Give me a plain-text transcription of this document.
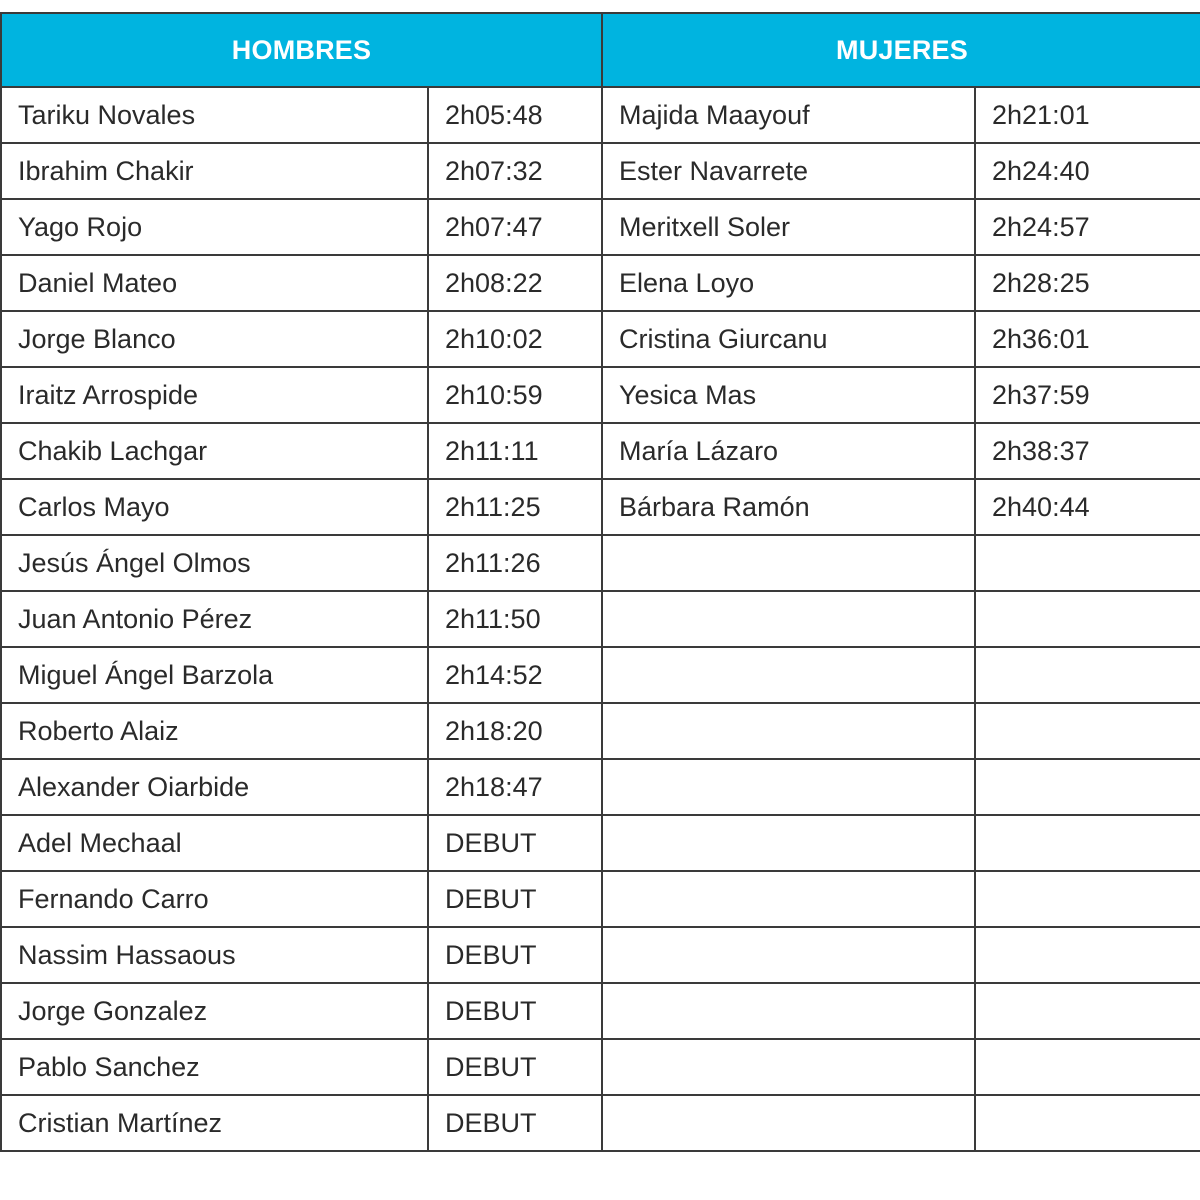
HOMBRES		MUJERES	
Tariku Novales	2h05:48	Majida Maayouf	2h21:01
Ibrahim Chakir	2h07:32	Ester Navarrete	2h24:40
Yago Rojo	2h07:47	Meritxell Soler	2h24:57
Daniel Mateo	2h08:22	Elena Loyo	2h28:25
Jorge Blanco	2h10:02	Cristina Giurcanu	2h36:01
Iraitz Arrospide	2h10:59	Yesica Mas	2h37:59
Chakib Lachgar	2h11:11	María Lázaro	2h38:37
Carlos Mayo	2h11:25	Bárbara Ramón	2h40:44
Jesús Ángel Olmos	2h11:26		
Juan Antonio Pérez	2h11:50		
Miguel Ángel Barzola	2h14:52		
Roberto Alaiz	2h18:20		
Alexander Oiarbide	2h18:47		
Adel Mechaal	DEBUT		
Fernando Carro	DEBUT		
Nassim Hassaous	DEBUT		
Jorge Gonzalez	DEBUT		
Pablo Sanchez	DEBUT		
Cristian Martínez	DEBUT		
